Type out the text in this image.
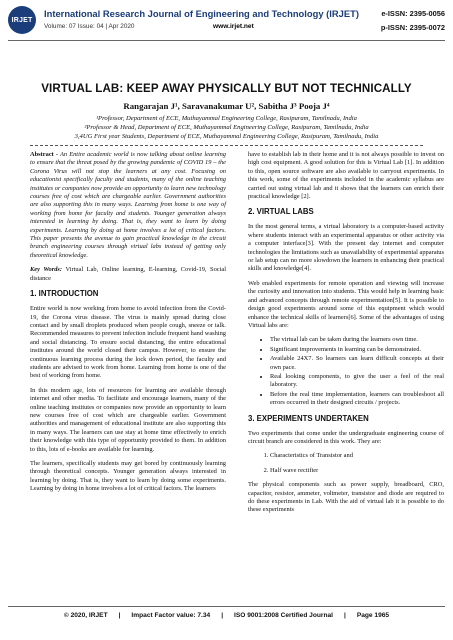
IRJET
International Research Journal of Engineering and Technology (IRJET)
Volume: 07 Issue: 04 | Apr 2020	www.irjet.net
e-ISSN: 2395-0056
p-ISSN: 2395-0072
VIRTUAL LAB: KEEP AWAY PHYSICALLY BUT NOT TECHNICALLY
Rangarajan J¹, Saravanakumar U², Sabitha J³ Pooja J⁴
¹Professor, Department of ECE, Muthayammal Engineering College, Rasipuram, Tamilnadu, India
²Professor & Head, Department of ECE, Muthayammal Engineering College, Rasipuram, Tamilnadu, India
3,4UG First year Students, Department of ECE, Muthayammal Engineering College, Rasipuram, Tamilnadu, India

Abstract - An Entire academic world is now talking about online learning to ensure that the threat posed by the growing pandemic of COVID 19 – the Corona Virus will not stop the learners at any cost. Focusing on educationist specifically faculty and students, many of the online teaching institutes or companies now provide an opportunity to learn new technology courses free of cost which are chargeable earlier. Government authorities are also supporting this in many ways. Learning from home is one way of working from home for faculty and students. Younger generation always interested in learning by doing. That is, they want to learn by doing experiments. Learning by doing at home involves a lot of critical factors. This paper presents the avenue to gain practical knowledge in the circuit branch engineering courses through virtual labs instead of getting only theoretical knowledge.

Key Words: Virtual Lab, Online learning, E-learning, Covid-19, Social distance

1. INTRODUCTION

Entire world is now working from home to avoid infection from the Covid-19, the Corona virus disease. The virus is mainly spread during close contact and by small droplets produced when people cough, sneeze or talk. Recommended measures to prevent infection include frequent hand washing and social distancing. To ensure social distancing, the entire educational institutes around the world closed their campus. However, to ensure the continuous learning process during the lock down period, the faculty and students are advised to work from home. Learning from home is one of the best of working from home.

In this modern age, lots of resources for learning are available through internet and other media. To facilitate and encourage learners, many of the online teaching institutes or companies now provide an opportunity to learn new courses free of cost which are chargeable earlier. Government authorities and management of educational institute are also supporting this in many ways. The learners can use stay at home time effectively to enrich their knowledge with this type of opportunity provided to them. In addition to this, lots of e-books are available for learning.

The learners, specifically students may get bored by continuously learning through theoretical concepts. Younger generation always interested in learning by doing. That is, they want to learn by doing some experiments. Learning by doing in home involves a lot of critical factors. The learners

have to establish lab in their home and it is not always possible to invest on high cost equipment. A good solution for this is Virtual Lab [1]. In addition to this, open source software are also available to carryout experiments. In this work, some of the experiments included in the academic syllabus are carried out using virtual lab and it shows that the learners can enrich their practical knowledge [2].

2. VIRTUAL LABS

In the most general terms, a virtual laboratory is a computer-based activity where students interact with an experimental apparatus or other activity via a computer interface[3]. With the present day internet and computer technologies the limitations such as unavailability of experimental apparatus or lab setup can no more slowdown the learners in enhancing their practical skills and knowledge[4].

Web enabled experiments for remote operation and viewing will increase the curiosity and innovation into students. This would help in learning basic and advanced concepts through remote experimentation[5]. It is possible to design good experiments around some of this equipment which would enhance the technical skills of learners[6]. Some of the advantages of using Virtual labs are:

• The virtual lab can be taken during the learners own time.
• Significant improvements in learning can be demonstrated.
• Available 24X7. So learners can learn difficult concepts at their own pace.
• Real looking components, to give the user a feel of the real laboratory.
• Before the real time implementation, learners can troubleshoot all errors occurred in their designed circuits / projects.
3. EXPERIMENTS UNDERTAKEN

Two experiments that come under the undergraduate engineering course of circuit branch are considered in this work. They are:

1. Characteristics of Transistor and
2. Half wave rectifier

The physical components such as power supply, breadboard, CRO, capacitor, resistor, ammeter, voltmeter, transistor and diode are required to do these experiments in Lab. With the aid of virtual lab it is possible to do these experiments

© 2020, IRJET      |      Impact Factor value: 7.34      |      ISO 9001:2008 Certified Journal      |      Page 1965
